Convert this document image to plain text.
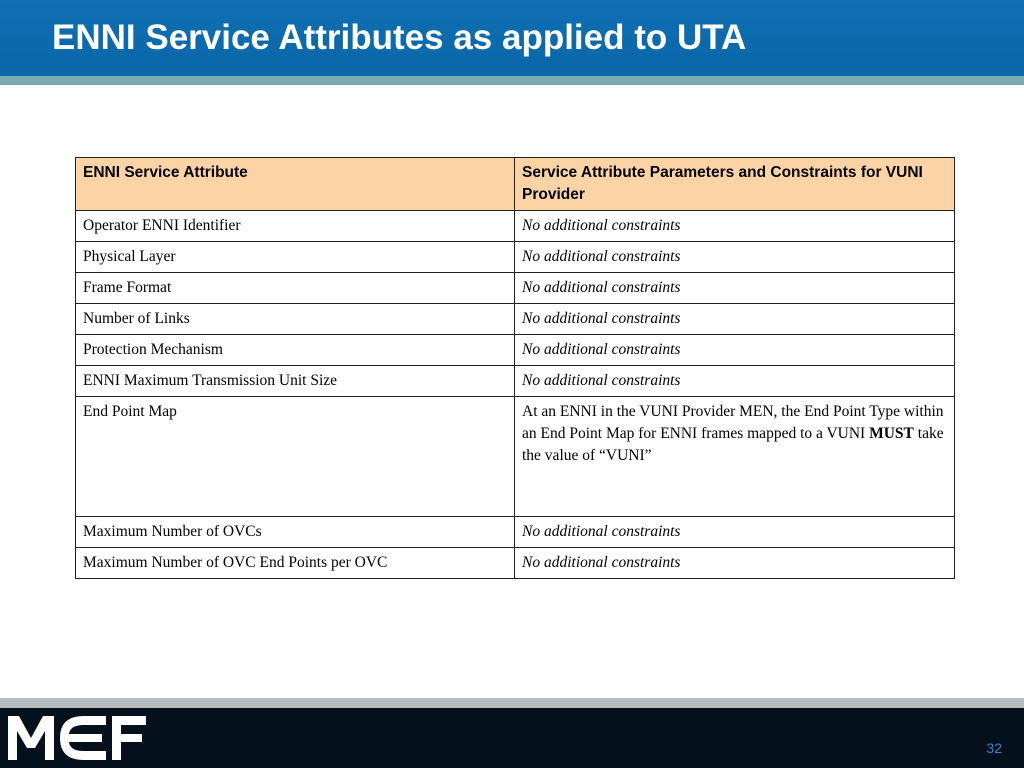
ENNI Service Attributes as applied to UTA
ENNI Service Attribute	Service Attribute Parameters and Constraints for VUNI Provider
Operator ENNI Identifier	No additional constraints
Physical Layer	No additional constraints
Frame Format	No additional constraints
Number of Links	No additional constraints
Protection Mechanism	No additional constraints
ENNI Maximum Transmission Unit Size	No additional constraints
End Point Map	At an ENNI in the VUNI Provider MEN, the End Point Type within an End Point Map for ENNI frames mapped to a VUNI MUST take the value of “VUNI”
Maximum Number of OVCs	No additional constraints
Maximum Number of OVC End Points per OVC	No additional constraints
32
